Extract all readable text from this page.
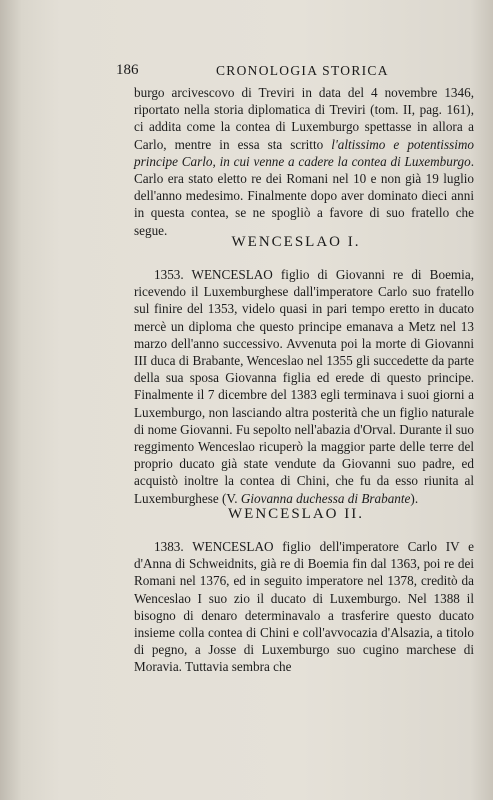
186	CRONOLOGIA STORICA

burgo arcivescovo di Treviri in data del 4 novembre 1346, riportato nella storia diplomatica di Treviri (tom. II, pag. 161), ci addita come la contea di Luxemburgo spettasse in allora a Carlo, mentre in essa sta scritto l'altissimo e potentissimo principe Carlo, in cui venne a cadere la contea di Luxemburgo. Carlo era stato eletto re dei Romani nel 10 e non già 19 luglio dell'anno medesimo. Finalmente dopo aver dominato dieci anni in questa contea, se ne spogliò a favore di suo fratello che segue.

WENCESLAO I.

1353. WENCESLAO figlio di Giovanni re di Boemia, ricevendo il Luxemburghese dall'imperatore Carlo suo fratello sul finire del 1353, videlo quasi in pari tempo eretto in ducato mercè un diploma che questo principe emanava a Metz nel 13 marzo dell'anno successivo. Avvenuta poi la morte di Giovanni III duca di Brabante, Wenceslao nel 1355 gli succedette da parte della sua sposa Giovanna figlia ed erede di questo principe. Finalmente il 7 dicembre del 1383 egli terminava i suoi giorni a Luxemburgo, non lasciando altra posterità che un figlio naturale di nome Giovanni. Fu sepolto nell'abazia d'Orval. Durante il suo reggimento Wenceslao ricuperò la maggior parte delle terre del proprio ducato già state vendute da Giovanni suo padre, ed acquistò inoltre la contea di Chini, che fu da esso riunita al Luxemburghese (V. Giovanna duchessa di Brabante).

WENCESLAO II.

1383. WENCESLAO figlio dell'imperatore Carlo IV e d'Anna di Schweidnits, già re di Boemia fin dal 1363, poi re dei Romani nel 1376, ed in seguito imperatore nel 1378, creditò da Wenceslao I suo zio il ducato di Luxemburgo. Nel 1388 il bisogno di denaro determinavalo a trasferire questo ducato insieme colla contea di Chini e coll'avvocazia d'Alsazia, a titolo di pegno, a Josse di Luxemburgo suo cugino marchese di Moravia. Tuttavia sembra che
